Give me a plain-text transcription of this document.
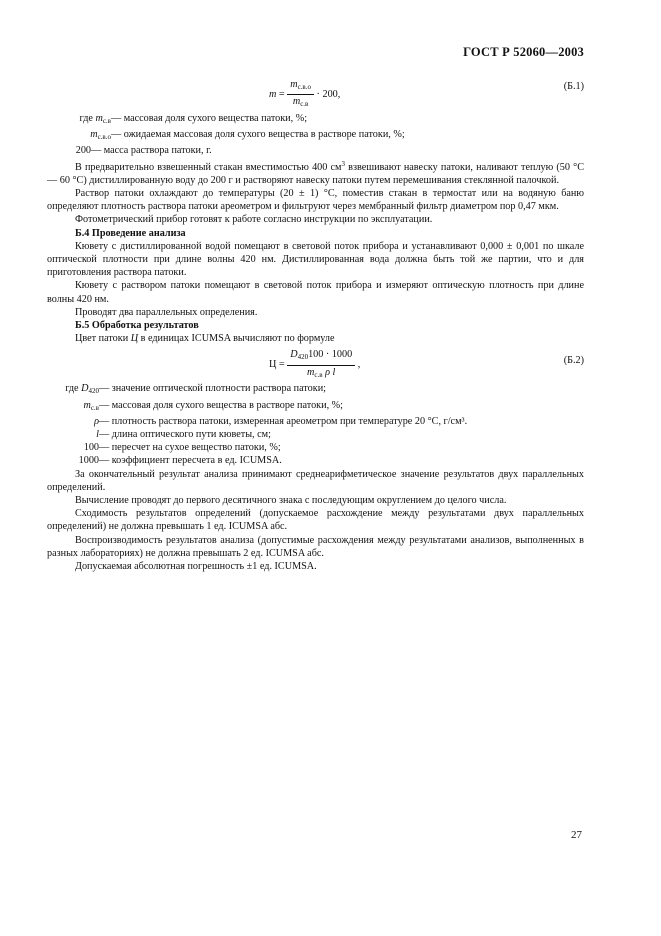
ГОСТ Р 52060—2003
$m = \frac{m_{с.в.о}}{m_{с.в}} \cdot 200$,
(Б.1)
где $m_{с.в}$ — массовая доля сухого вещества патоки, %;
$m_{с.в.о}$ — ожидаемая массовая доля сухого вещества в растворе патоки, %;
200 — масса раствора патоки, г.

В предварительно взвешенный стакан вместимостью 400 $см^3$ взвешивают навеску патоки, наливают теплую (50 °С — 60 °С) дистиллированную воду до 200 г и растворяют навеску патоки путем перемешивания стеклянной палочкой.

Раствор патоки охлаждают до температуры (20 ± 1) °С, поместив стакан в термостат или на водяную баню определяют плотность раствора патоки ареометром и фильтруют через мембранный фильтр диаметром пор 0,47 мкм.

Фотометрический прибор готовят к работе согласно инструкции по эксплуатации.

Б.4 Проведение анализа

Кювету с дистиллированной водой помещают в световой поток прибора и устанавливают 0,000 ± 0,001 по шкале оптической плотности при длине волны 420 нм. Дистиллированная вода должна быть той же партии, что и для приготовления раствора патоки.

Кювету с раствором патоки помещают в световой поток прибора и измеряют оптическую плотность при длине волны 420 нм.

Проводят два параллельных определения.

Б.5 Обработка результатов

Цвет патоки Ц в единицах ICUMSA вычисляют по формуле

$Ц = \frac{D_{420}100 \cdot 1000}{m_{с.в} \rho l}$ ,	(Б.2)
где $D_{420}$ — значение оптической плотности раствора патоки;
$m_{с.в}$ — массовая доля сухого вещества в растворе патоки, %;
ρ — плотность раствора патоки, измеренная ареометром при температуре 20 °С, г/см³.
l — длина оптического пути кюветы, см;
100 — пересчет на сухое вещество патоки, %;
1000 — коэффициент пересчета в ед. ICUMSA.

За окончательный результат анализа принимают среднеарифметическое значение результатов двух параллельных определений.

Вычисление проводят до первого десятичного знака с последующим округлением до целого числа.

Сходимость результатов определений (допускаемое расхождение между результатами двух параллельных определений) не должна превышать 1 ед. ICUMSA абс.

Воспроизводимость результатов анализа (допустимые расхождения между результатами анализов, выполненных в разных лабораториях) не должна превышать 2 ед. ICUMSA абс.

Допускаемая абсолютная погрешность ±1 ед. ICUMSA.

27
